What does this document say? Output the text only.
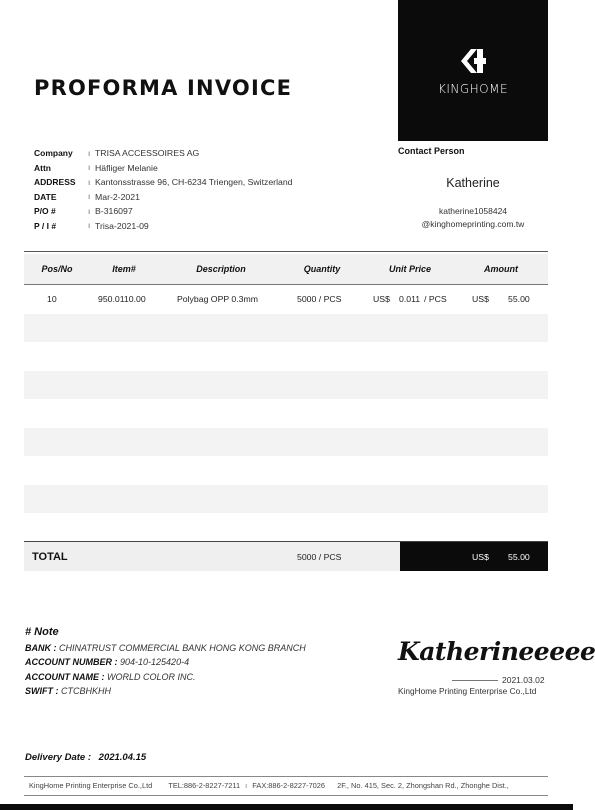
KINGHOME
PROFORMA INVOICE
Company	ı TRISA ACCESSOIRES AG
Attn	ı Häfliger Melanie
ADDRESS	ı Kantonsstrasse 96, CH-6234 Triengen, Switzerland
DATE	ı Mar-2-2021
P/O #	ı B-316097
P / I #	ı Trisa-2021-09
Contact Person
Katherine
katherine1058424
@kinghomeprinting.com.tw
Pos/No	Item#	Description	Quantity	Unit Price	Amount
10	950.0110.00	Polybag OPP 0.3mm	5000 / PCS	US$ 0.011 / PCS	US$ 55.00
TOTAL	5000 / PCS	US$ 55.00
# Note
BANK : CHINATRUST COMMERCIAL BANK HONG KONG BRANCH
ACCOUNT NUMBER : 904-10-125420-4
ACCOUNT NAME : WORLD COLOR INC.
SWIFT : CTCBHKHH
Katherineeeee
2021.03.02
KingHome Printing Enterprise Co.,Ltd
Delivery Date : 2021.04.15
KingHome Printing Enterprise Co.,Ltd TEL:886-2-8227-7211 ı FAX:886-2-8227-7026 2F., No. 415, Sec. 2, Zhongshan Rd., Zhonghe Dist.,
